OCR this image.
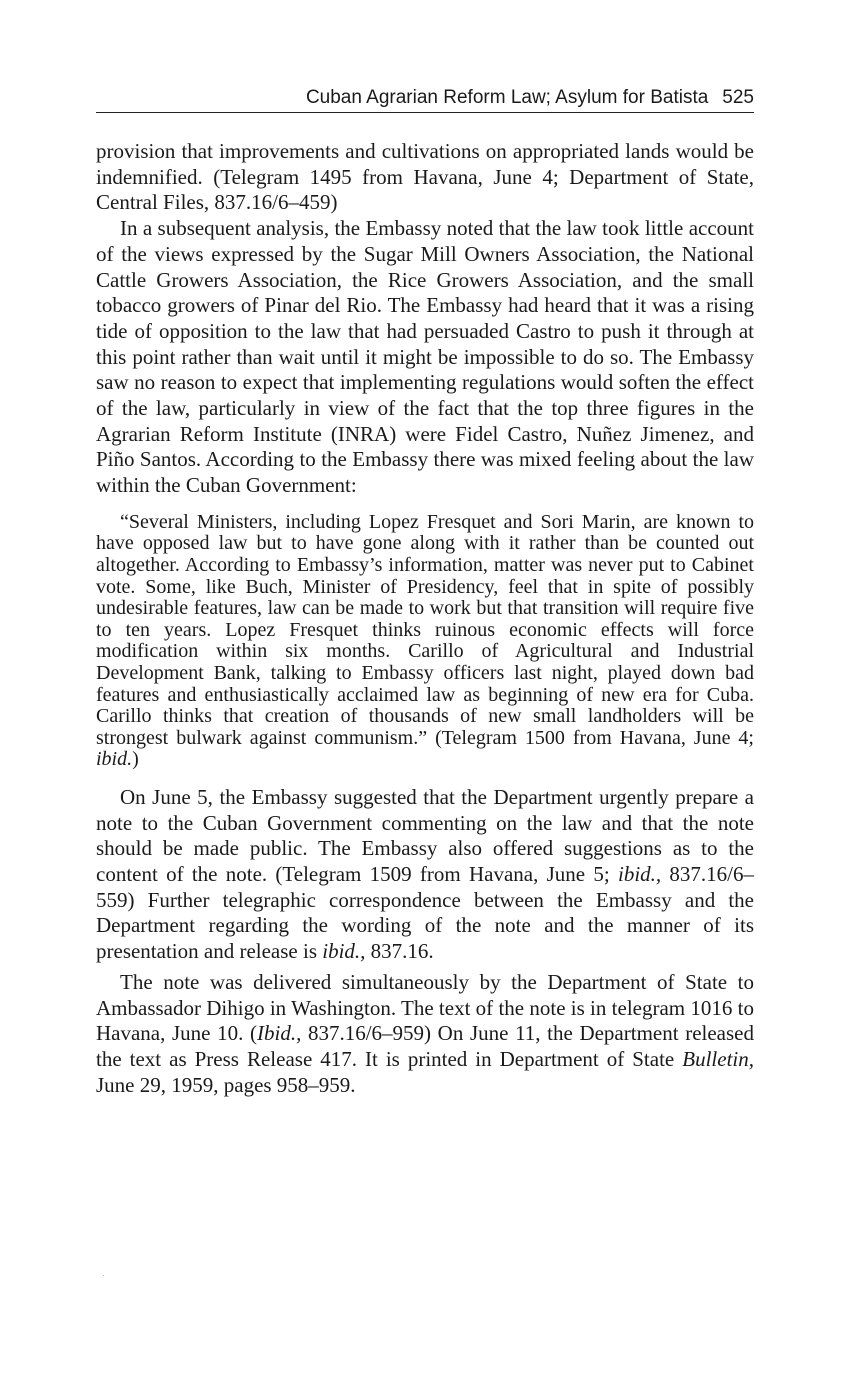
Cuban Agrarian Reform Law; Asylum for Batista 525

provision that improvements and cultivations on appropriated lands would be indemnified. (Telegram 1495 from Havana, June 4; Department of State, Central Files, 837.16/6–459)

In a subsequent analysis, the Embassy noted that the law took little account of the views expressed by the Sugar Mill Owners Association, the National Cattle Growers Association, the Rice Growers Association, and the small tobacco growers of Pinar del Rio. The Embassy had heard that it was a rising tide of opposition to the law that had persuaded Castro to push it through at this point rather than wait until it might be impossible to do so. The Embassy saw no reason to expect that implementing regulations would soften the effect of the law, particularly in view of the fact that the top three figures in the Agrarian Reform Institute (INRA) were Fidel Castro, Nuñez Jimenez, and Piño Santos. According to the Embassy there was mixed feeling about the law within the Cuban Government:

“Several Ministers, including Lopez Fresquet and Sori Marin, are known to have opposed law but to have gone along with it rather than be counted out altogether. According to Embassy’s information, matter was never put to Cabinet vote. Some, like Buch, Minister of Presidency, feel that in spite of possibly undesirable features, law can be made to work but that transition will require five to ten years. Lopez Fresquet thinks ruinous economic effects will force modification within six months. Carillo of Agricultural and Industrial Development Bank, talking to Embassy officers last night, played down bad features and enthusiastically acclaimed law as beginning of new era for Cuba. Carillo thinks that creation of thousands of new small landholders will be strongest bulwark against communism.” (Telegram 1500 from Havana, June 4; ibid.)

On June 5, the Embassy suggested that the Department urgently prepare a note to the Cuban Government commenting on the law and that the note should be made public. The Embassy also offered suggestions as to the content of the note. (Telegram 1509 from Havana, June 5; ibid., 837.16/6–559) Further telegraphic correspondence between the Embassy and the Department regarding the wording of the note and the manner of its presentation and release is ibid., 837.16.

The note was delivered simultaneously by the Department of State to Ambassador Dihigo in Washington. The text of the note is in telegram 1016 to Havana, June 10. (Ibid., 837.16/6–959) On June 11, the Department released the text as Press Release 417. It is printed in Department of State Bulletin, June 29, 1959, pages 958–959.
